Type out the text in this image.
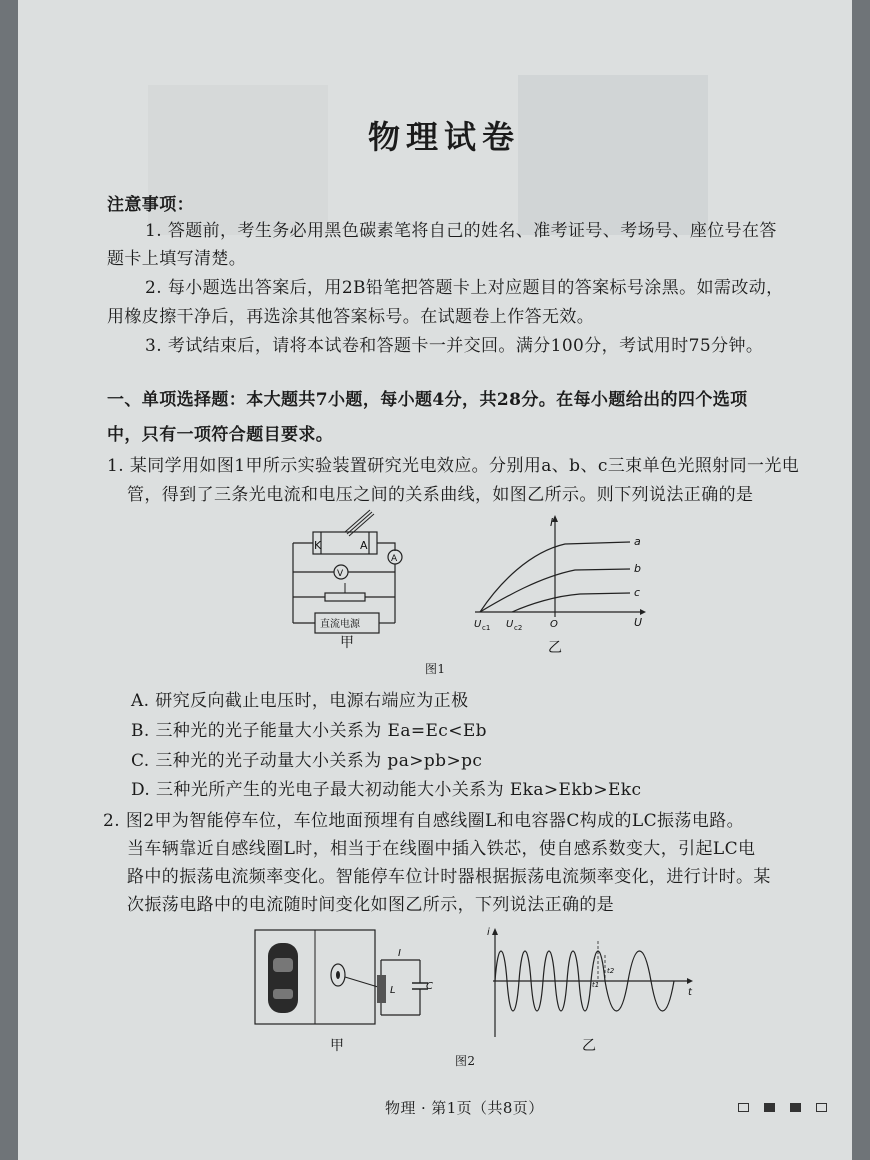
物理试卷
注意事项：
1. 答题前，考生务必用黑色碳素笔将自己的姓名、准考证号、考场号、座位号在答
题卡上填写清楚。
2. 每小题选出答案后，用2B铅笔把答题卡上对应题目的答案标号涂黑。如需改动，
用橡皮擦干净后，再选涂其他答案标号。在试题卷上作答无效。
3. 考试结束后，请将本试卷和答题卡一并交回。满分100分，考试用时75分钟。
一、单项选择题：本大题共7小题，每小题4分，共28分。在每小题给出的四个选项
中，只有一项符合题目要求。
1. 某同学用如图1甲所示实验装置研究光电效应。分别用a、b、c三束单色光照射同一光电
管，得到了三条光电流和电压之间的关系曲线，如图乙所示。则下列说法正确的是
K	A
A
V
直流电源
甲
I
U
a
b
c
U c1 U c2	O
乙
图1
A. 研究反向截止电压时，电源右端应为正极
B. 三种光的光子能量大小关系为 Ea=Ec<Eb
C. 三种光的光子动量大小关系为 pa>pb>pc
D. 三种光所产生的光电子最大初动能大小关系为 Eka>Ekb>Ekc
2. 图2甲为智能停车位，车位地面预埋有自感线圈L和电容器C构成的LC振荡电路。
当车辆靠近自感线圈L时，相当于在线圈中插入铁芯，使自感系数变大，引起LC电
路中的振荡电流频率变化。智能停车位计时器根据振荡电流频率变化，进行计时。某
次振荡电路中的电流随时间变化如图乙所示，下列说法正确的是
I
L	C
甲
i
t
t1
t2
乙
图2
物理 · 第1页（共8页）
